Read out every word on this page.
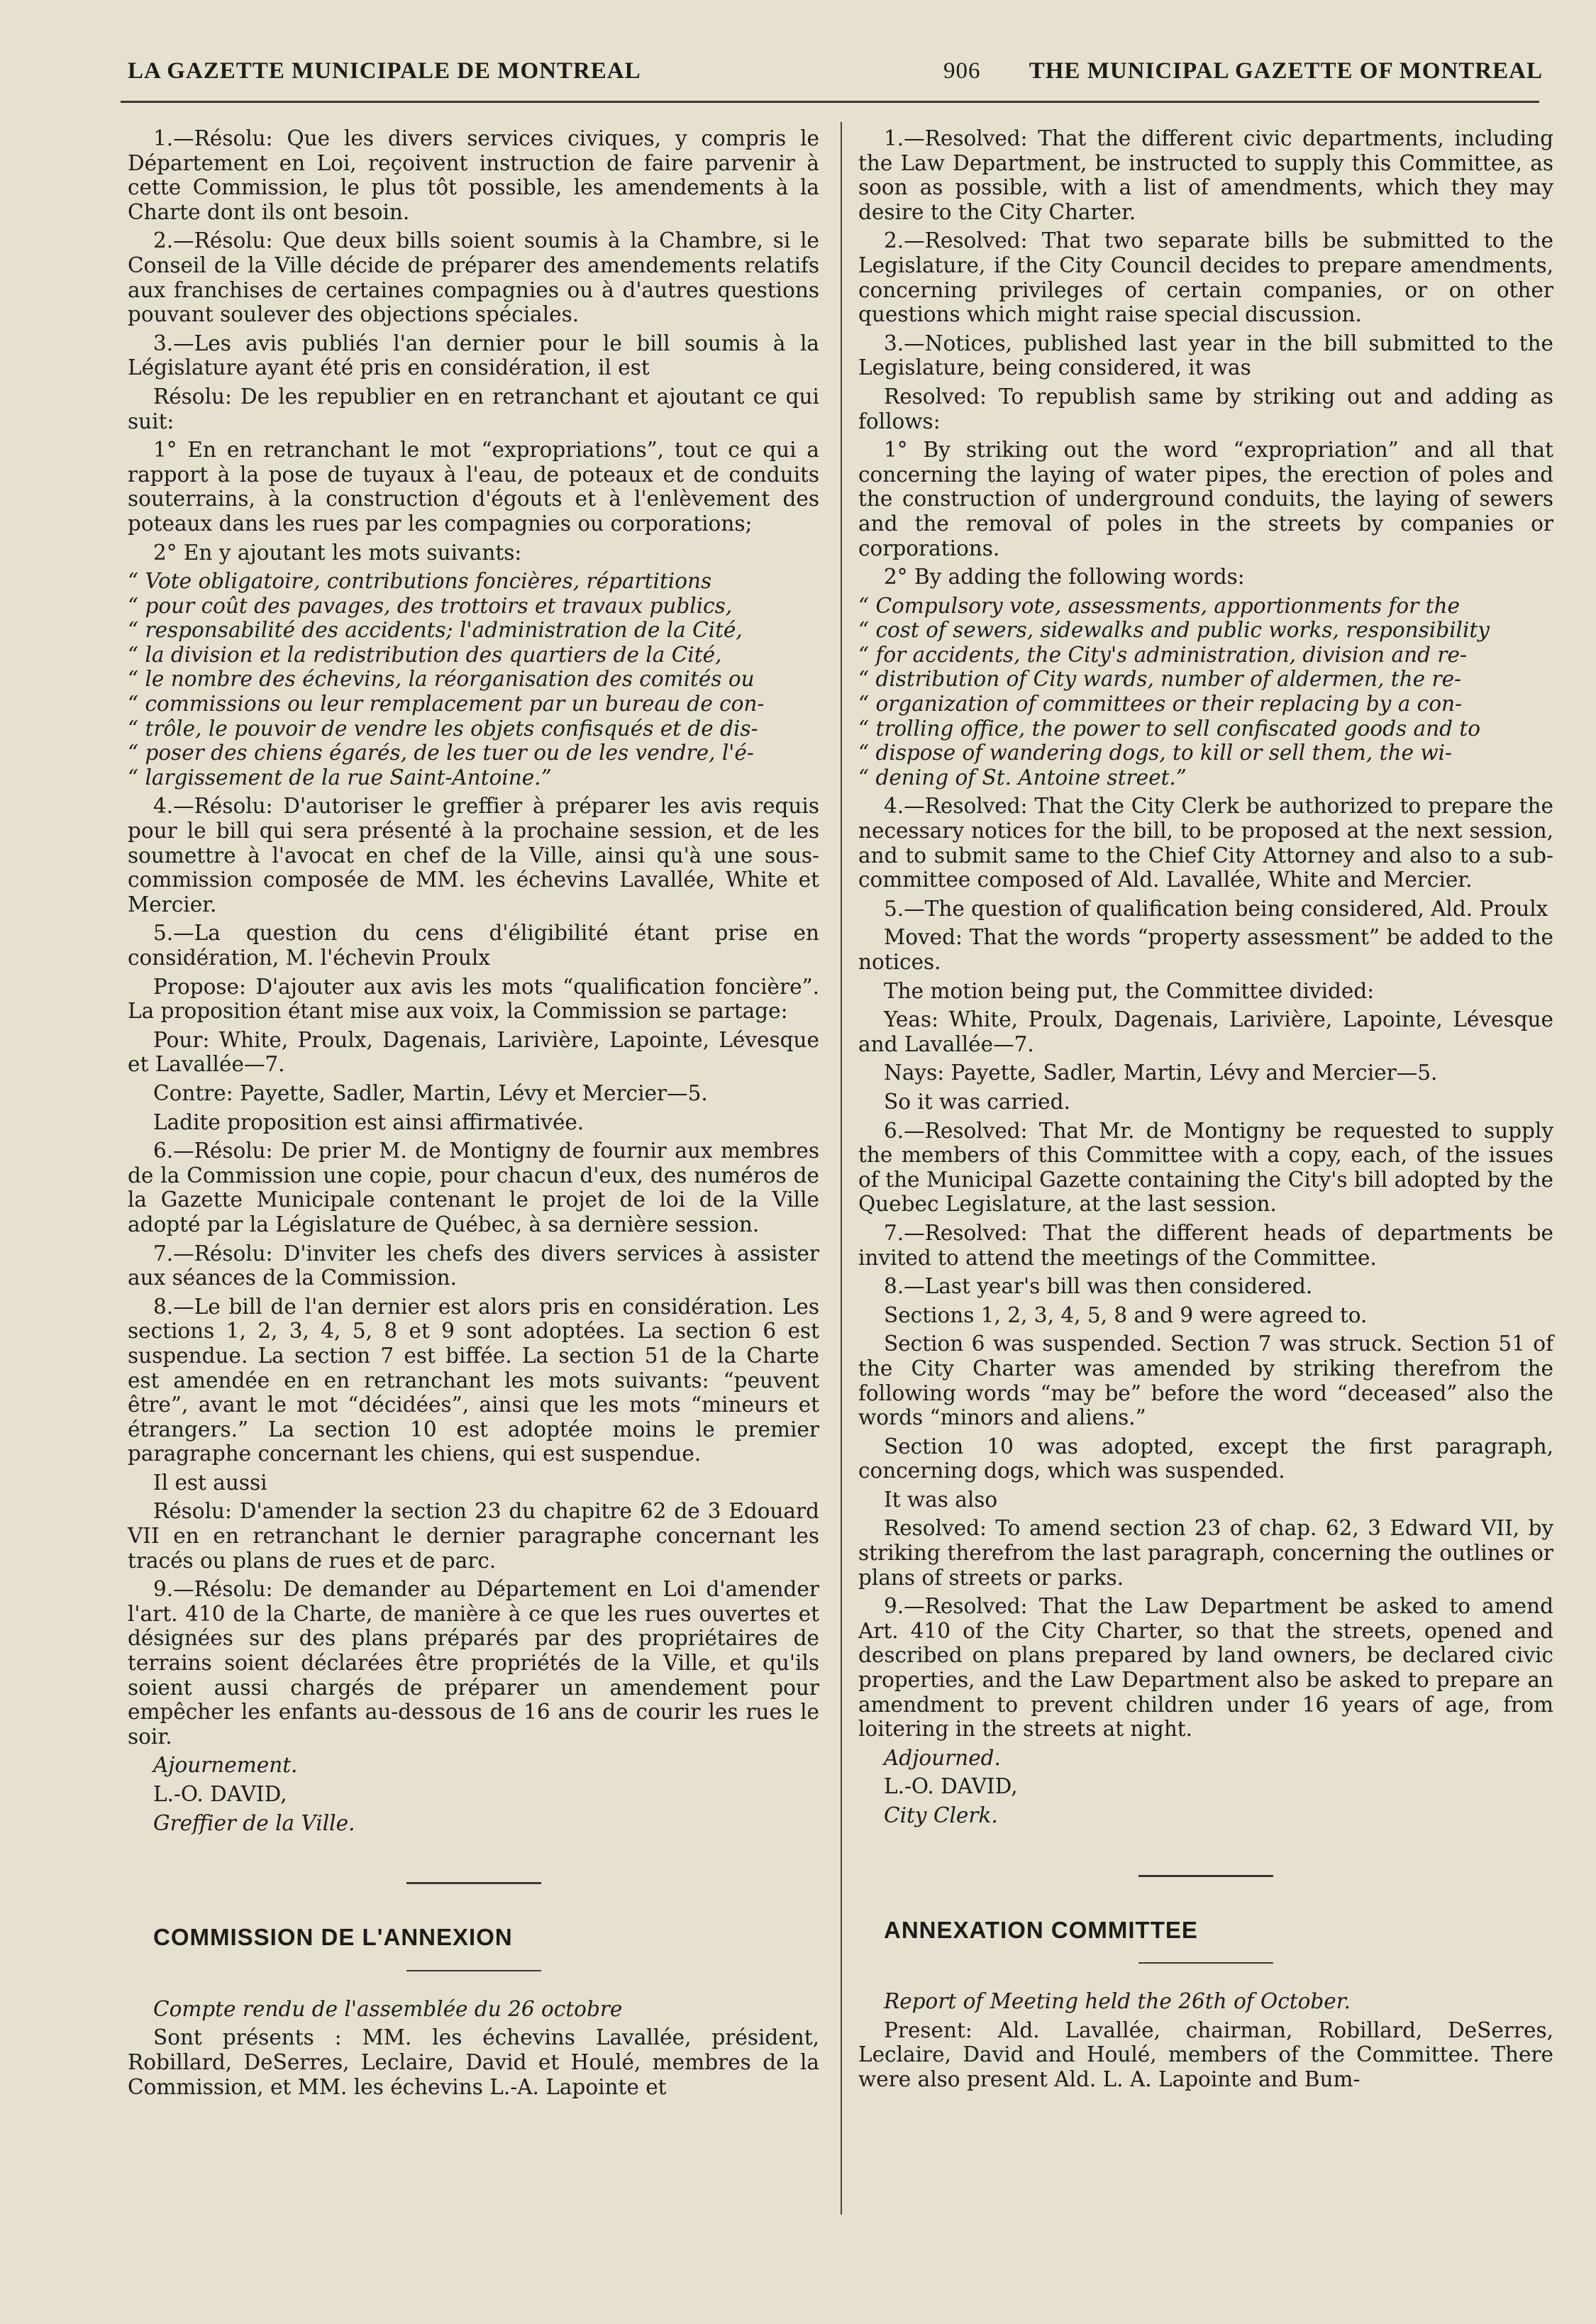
LA GAZETTE MUNICIPALE DE MONTREAL	906 THE MUNICIPAL GAZETTE OF MONTREAL

1.—Résolu: Que les divers services civiques, y compris le Département en Loi, reçoivent instruction de faire parvenir à cette Commission, le plus tôt possible, les amendements à la Charte dont ils ont besoin.

2.—Résolu: Que deux bills soient soumis à la Chambre, si le Conseil de la Ville décide de préparer des amendements relatifs aux franchises de certaines compagnies ou à d'autres questions pouvant soulever des objections spéciales.

3.—Les avis publiés l'an dernier pour le bill soumis à la Législature ayant été pris en considération, il est

Résolu: De les republier en en retranchant et ajoutant ce qui suit:

1° En en retranchant le mot “expropriations”, tout ce qui a rapport à la pose de tuyaux à l'eau, de poteaux et de conduits souterrains, à la construction d'égouts et à l'enlèvement des poteaux dans les rues par les compagnies ou corporations;

2° En y ajoutant les mots suivants:

“ Vote obligatoire, contributions foncières, répartitions

“ pour coût des pavages, des trottoirs et travaux publics,

“ responsabilité des accidents; l'administration de la Cité,

“ la division et la redistribution des quartiers de la Cité,

“ le nombre des échevins, la réorganisation des comités ou

“ commissions ou leur remplacement par un bureau de con-

“ trôle, le pouvoir de vendre les objets confisqués et de dis-

“ poser des chiens égarés, de les tuer ou de les vendre, l'é-

“ largissement de la rue Saint-Antoine.”

4.—Résolu: D'autoriser le greffier à préparer les avis requis pour le bill qui sera présenté à la prochaine session, et de les soumettre à l'avocat en chef de la Ville, ainsi qu'à une sous-commission composée de MM. les échevins Lavallée, White et Mercier.

5.—La question du cens d'éligibilité étant prise en considération, M. l'échevin Proulx

Propose: D'ajouter aux avis les mots “qualification foncière”. La proposition étant mise aux voix, la Commission se partage:

Pour: White, Proulx, Dagenais, Larivière, Lapointe, Lévesque et Lavallée—7.

Contre: Payette, Sadler, Martin, Lévy et Mercier—5.

Ladite proposition est ainsi affirmativée.

6.—Résolu: De prier M. de Montigny de fournir aux membres de la Commission une copie, pour chacun d'eux, des numéros de la Gazette Municipale contenant le projet de loi de la Ville adopté par la Législature de Québec, à sa dernière session.

7.—Résolu: D'inviter les chefs des divers services à assister aux séances de la Commission.

8.—Le bill de l'an dernier est alors pris en considération. Les sections 1, 2, 3, 4, 5, 8 et 9 sont adoptées. La section 6 est suspendue. La section 7 est biffée. La section 51 de la Charte est amendée en en retranchant les mots suivants: “peuvent être”, avant le mot “décidées”, ainsi que les mots “mineurs et étrangers.” La section 10 est adoptée moins le premier paragraphe concernant les chiens, qui est suspendue.

Il est aussi

Résolu: D'amender la section 23 du chapitre 62 de 3 Edouard VII en en retranchant le dernier paragraphe concernant les tracés ou plans de rues et de parc.

9.—Résolu: De demander au Département en Loi d'amender l'art. 410 de la Charte, de manière à ce que les rues ouvertes et désignées sur des plans préparés par des propriétaires de terrains soient déclarées être propriétés de la Ville, et qu'ils soient aussi chargés de préparer un amendement pour empêcher les enfants au-dessous de 16 ans de courir les rues le soir.

Ajournement.

L.-O. DAVID,

Greffier de la Ville.

COMMISSION DE L'ANNEXION

Compte rendu de l'assemblée du 26 octobre

Sont présents : MM. les échevins Lavallée, président, Robillard, DeSerres, Leclaire, David et Houlé, membres de la Commission, et MM. les échevins L.-A. Lapointe et

1.—Resolved: That the different civic departments, including the Law Department, be instructed to supply this Committee, as soon as possible, with a list of amendments, which they may desire to the City Charter.

2.—Resolved: That two separate bills be submitted to the Legislature, if the City Council decides to prepare amendments, concerning privileges of certain companies, or on other questions which might raise special discussion.

3.—Notices, published last year in the bill submitted to the Legislature, being considered, it was

Resolved: To republish same by striking out and adding as follows:

1° By striking out the word “expropriation” and all that concerning the laying of water pipes, the erection of poles and the construction of underground conduits, the laying of sewers and the removal of poles in the streets by companies or corporations.

2° By adding the following words:

“ Compulsory vote, assessments, apportionments for the

“ cost of sewers, sidewalks and public works, responsibility

“ for accidents, the City's administration, division and re-

“ distribution of City wards, number of aldermen, the re-

“ organization of committees or their replacing by a con-

“ trolling office, the power to sell confiscated goods and to

“ dispose of wandering dogs, to kill or sell them, the wi-

“ dening of St. Antoine street.”

4.—Resolved: That the City Clerk be authorized to prepare the necessary notices for the bill, to be proposed at the next session, and to submit same to the Chief City Attorney and also to a sub-committee composed of Ald. Lavallée, White and Mercier.

5.—The question of qualification being considered, Ald. Proulx

Moved: That the words “property assessment” be added to the notices.

The motion being put, the Committee divided:

Yeas: White, Proulx, Dagenais, Larivière, Lapointe, Lévesque and Lavallée—7.

Nays: Payette, Sadler, Martin, Lévy and Mercier—5.

So it was carried.

6.—Resolved: That Mr. de Montigny be requested to supply the members of this Committee with a copy, each, of the issues of the Municipal Gazette containing the City's bill adopted by the Quebec Legislature, at the last session.

7.—Resolved: That the different heads of departments be invited to attend the meetings of the Committee.

8.—Last year's bill was then considered.

Sections 1, 2, 3, 4, 5, 8 and 9 were agreed to.

Section 6 was suspended. Section 7 was struck. Section 51 of the City Charter was amended by striking therefrom the following words “may be” before the word “deceased” also the words “minors and aliens.”

Section 10 was adopted, except the first paragraph, concerning dogs, which was suspended.

It was also

Resolved: To amend section 23 of chap. 62, 3 Edward VII, by striking therefrom the last paragraph, concerning the outlines or plans of streets or parks.

9.—Resolved: That the Law Department be asked to amend Art. 410 of the City Charter, so that the streets, opened and described on plans prepared by land owners, be declared civic properties, and the Law Department also be asked to prepare an amendment to prevent children under 16 years of age, from loitering in the streets at night.

Adjourned.

L.-O. DAVID,

City Clerk.

ANNEXATION COMMITTEE

Report of Meeting held the 26th of October.

Present: Ald. Lavallée, chairman, Robillard, DeSerres, Leclaire, David and Houlé, members of the Committee. There were also present Ald. L. A. Lapointe and Bum-
